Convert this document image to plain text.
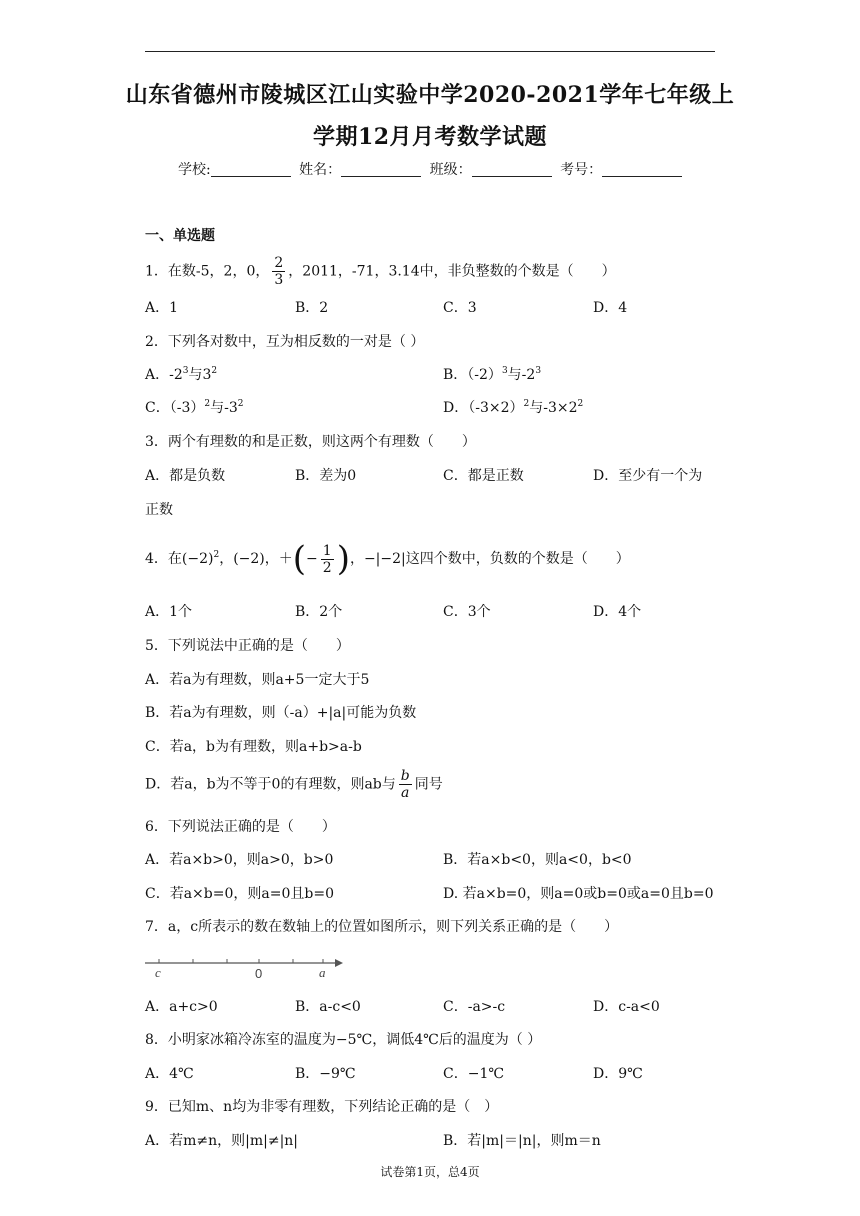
山东省德州市陵城区江山实验中学2020-2021学年七年级上
学期12月月考数学试题
学校:	姓名：	班级：	考号：
一、单选题
1．在数-5，2，0， $\frac{2}{3}$ ，2011，-71，3.14中，非负整数的个数是（　　）
A．1	B．2	C．3	D．4
2．下列各对数中，互为相反数的一对是（ ）
A．$-2^3$与$3^2$	B．$(-2)^3$与$-2^3$
C．$(-3)^2$与$-3^2$	D．$(-3\times 2)^2$与$-3\times 2^2$
3．两个有理数的和是正数，则这两个有理数（　　）
A．都是负数	B．差为0	C．都是正数	D．至少有一个为
正数
4．在$(-2)^2$，(−2)，＋(− $\frac{1}{2}$ )，−|−2|这四个数中，负数的个数是（　　）
A．1个	B．2个	C．3个	D．4个
5．下列说法中正确的是（　　）
A．若a为有理数，则a+5一定大于5
B．若a为有理数，则（-a）+|a|可能为负数
C．若a，b为有理数，则a+b>a-b
D．若a，b为不等于0的有理数，则ab与 $\frac{b}{a}$ 同号
6．下列说法正确的是（　　）
A．若a×b>0，则a>0，b>0	B．若a×b<0，则a<0，b<0
C．若a×b=0，则a=0且b=0	D. 若a×b=0，则a=0或b=0或a=0且b=0
7．a，c所表示的数在数轴上的位置如图所示，则下列关系正确的是（　　）
c	0	a
A．a+c>0	B．a-c<0	C．-a>-c	D．c-a<0
8．小明家冰箱冷冻室的温度为−5℃，调低4℃后的温度为（ ）
A．4℃	B．−9℃	C．−1℃	D．9℃
9．已知m、n均为非零有理数，下列结论正确的是（　）
A．若m≠n，则|m|≠|n|	B．若|m|＝|n|，则m＝n
试卷第1页，总4页
